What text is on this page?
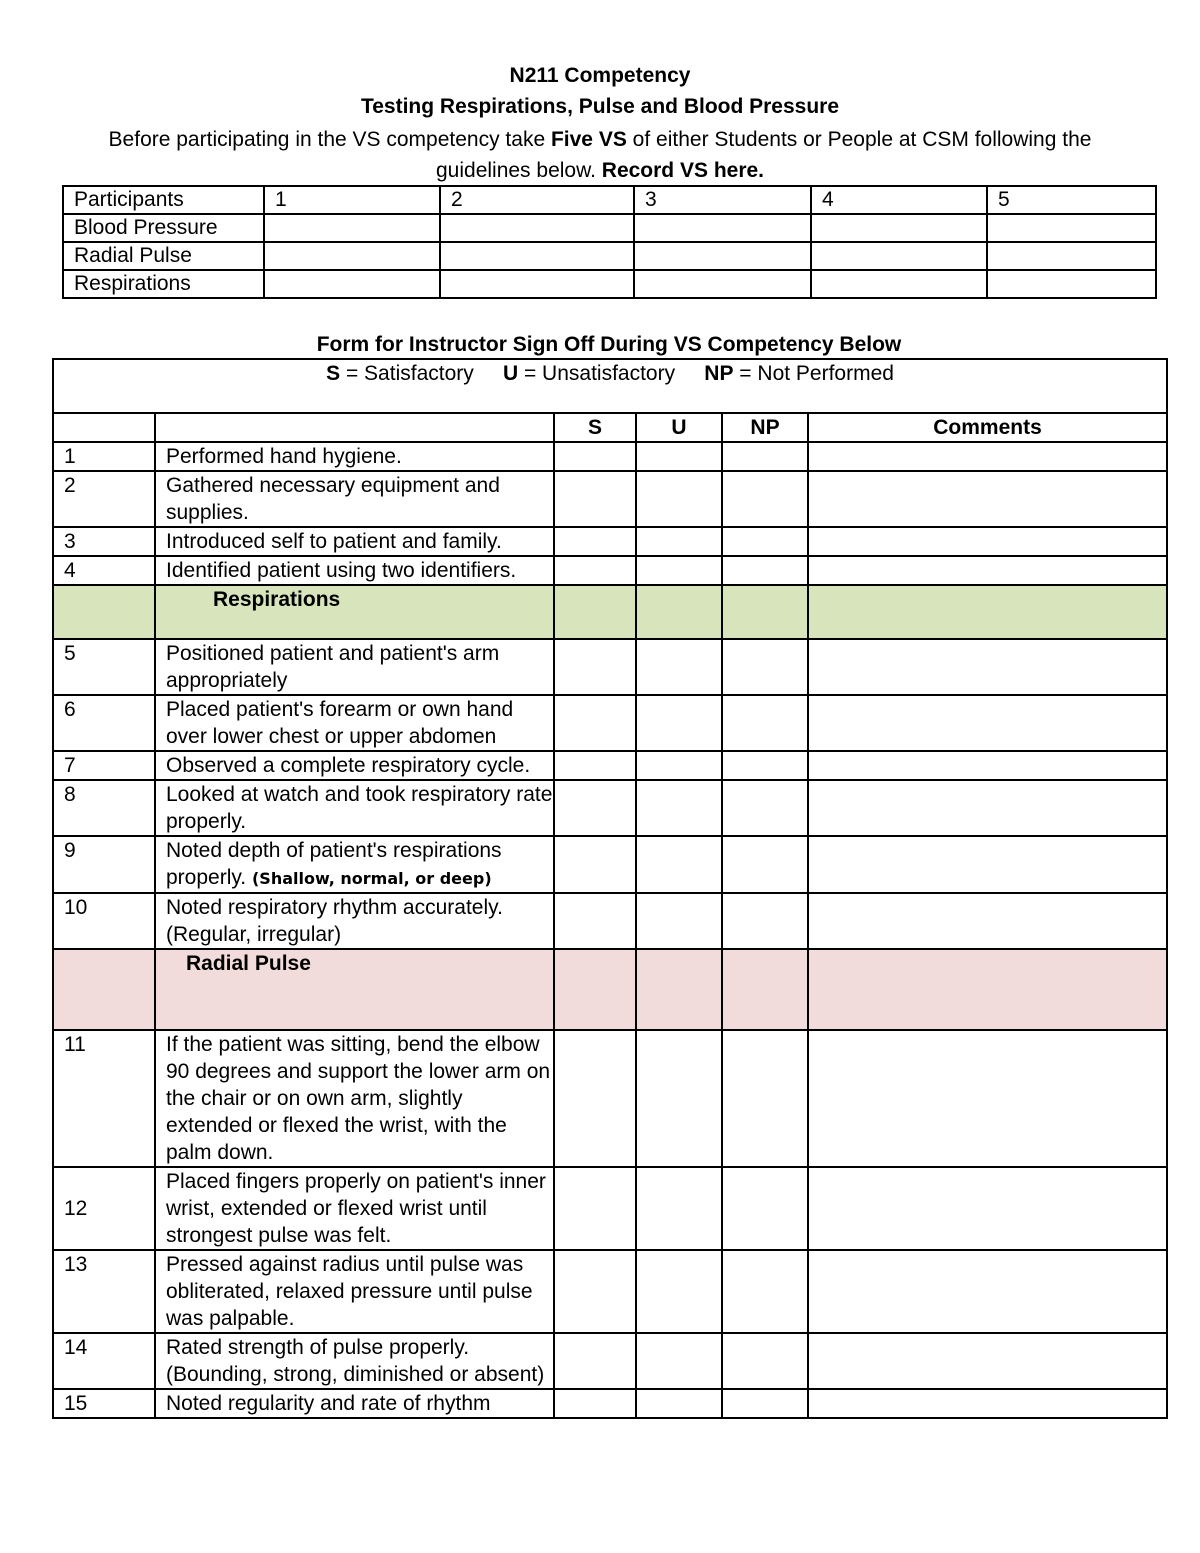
N211 Competency
Testing Respirations, Pulse and Blood Pressure
Before participating in the VS competency take Five VS of either Students or People at CSM following the guidelines below. Record VS here.
Participants	1	2	3	4	5
Blood Pressure					
Radial Pulse					
Respirations					
Form for Instructor Sign Off During VS Competency Below
S = Satisfactory U = Unsatisfactory NP = Not Performed					
		S	U	NP	Comments
1	Performed hand hygiene.				
2	Gathered necessary equipment and supplies.				
3	Introduced self to patient and family.				
4	Identified patient using two identifiers.				
	Respirations				
5	Positioned patient and patient's arm appropriately				
6	Placed patient's forearm or own hand over lower chest or upper abdomen				
7	Observed a complete respiratory cycle.				
8	Looked at watch and took respiratory rate properly.				
9	Noted depth of patient's respirations properly. (Shallow, normal, or deep)				
10	Noted respiratory rhythm accurately. (Regular, irregular)				
	Radial Pulse				
11	If the patient was sitting, bend the elbow 90 degrees and support the lower arm on the chair or on own arm, slightly extended or flexed the wrist, with the palm down.				
12	Placed fingers properly on patient's inner wrist, extended or flexed wrist until strongest pulse was felt.				
13	Pressed against radius until pulse was obliterated, relaxed pressure until pulse was palpable.				
14	Rated strength of pulse properly. (Bounding, strong, diminished or absent)				
15	Noted regularity and rate of rhythm				
